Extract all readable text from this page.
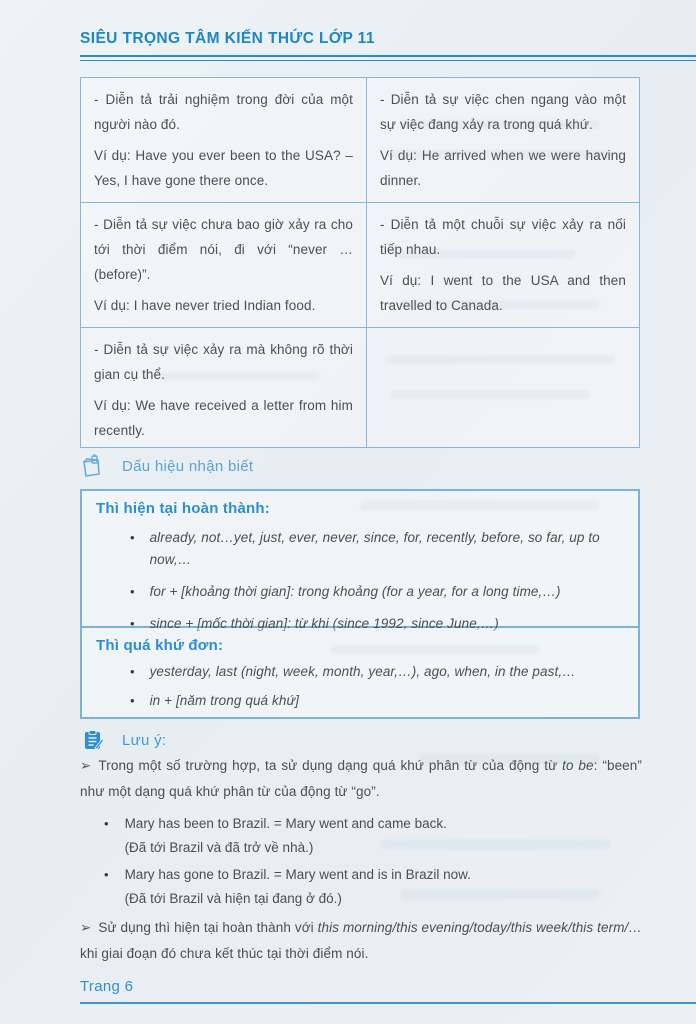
SIÊU TRỌNG TÂM KIẾN THỨC LỚP 11

- Diễn tả trải nghiệm trong đời của một người nào đó.

Ví dụ: Have you ever been to the USA? – Yes, I have gone there once.

- Diễn tả sự việc chen ngang vào một sự việc đang xảy ra trong quá khứ.

Ví dụ: He arrived when we were having dinner.

- Diễn tả sự việc chưa bao giờ xảy ra cho tới thời điểm nói, đi với “never … (before)”.

Ví dụ: I have never tried Indian food.

- Diễn tả một chuỗi sự việc xảy ra nối tiếp nhau.

Ví dụ: I went to the USA and then travelled to Canada.

- Diễn tả sự việc xảy ra mà không rõ thời gian cụ thể.

Ví dụ: We have received a letter from him recently.

Dấu hiệu nhận biết
Thì hiện tại hoàn thành:
• already, not…yet, just, ever, never, since, for, recently, before, so far, up to now,…
• for + [khoảng thời gian]: trong khoảng (for a year, for a long time,…)
• since + [mốc thời gian]: từ khi (since 1992, since June,…)
Thì quá khứ đơn:
• yesterday, last (night, week, month, year,…), ago, when, in the past,…
• in + [năm trong quá khứ]
Lưu ý:
➢ Trong một số trường hợp, ta sử dụng dạng quá khứ phân từ của động từ to be: “been” như một dạng quá khứ phân từ của động từ “go”.
• Mary has been to Brazil. = Mary went and came back.
(Đã tới Brazil và đã trở về nhà.)
• Mary has gone to Brazil. = Mary went and is in Brazil now.
(Đã tới Brazil và hiện tại đang ở đó.)
➢ Sử dụng thì hiện tại hoàn thành với this morning/this evening/today/this week/this term/… khi giai đoạn đó chưa kết thúc tại thời điểm nói.
Trang 6
